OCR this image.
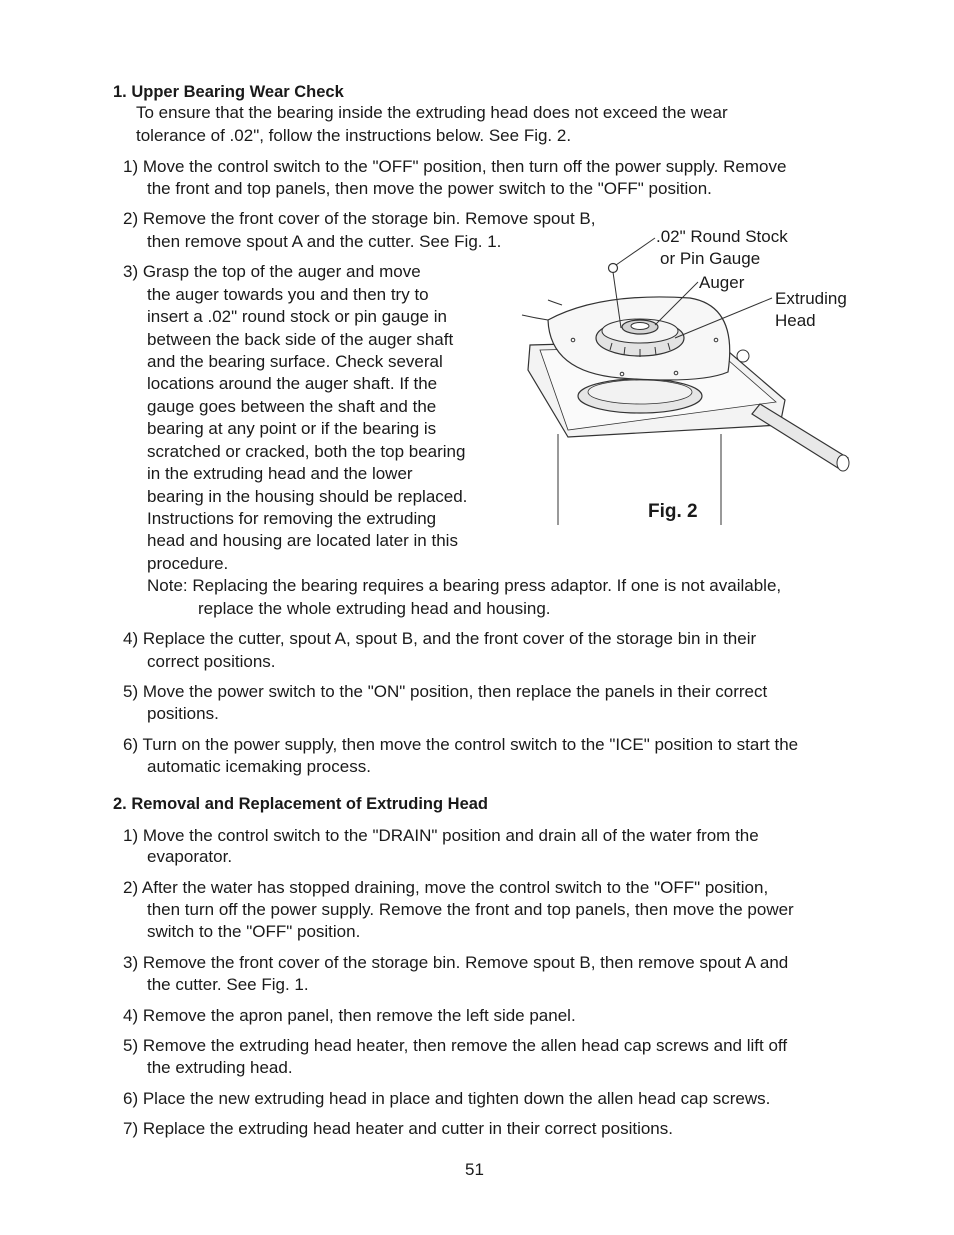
1. Upper Bearing Wear Check
To ensure that the bearing inside the extruding head does not exceed the wear
tolerance of .02", follow the instructions below. See Fig. 2.
1) Move the control switch to the "OFF" position, then turn off the power supply. Remove
the front and top panels, then move the power switch to the "OFF" position.
2) Remove the front cover of the storage bin. Remove spout B,
then remove spout A and the cutter. See Fig. 1.
3) Grasp the top of the auger and move
the auger towards you and then try to
insert a .02" round stock or pin gauge in
between the back side of the auger shaft
and the bearing surface. Check several
locations around the auger shaft. If the
gauge goes between the shaft and the
bearing at any point or if the bearing is
scratched or cracked, both the top bearing
in the extruding head and the lower
bearing in the housing should be replaced.
Instructions for removing the extruding
head and housing are located later in this
procedure.
Note: Replacing the bearing requires a bearing press adaptor. If one is not available,
replace the whole extruding head and housing.
4) Replace the cutter, spout A, spout B, and the front cover of the storage bin in their
correct positions.
5) Move the power switch to the "ON" position, then replace the panels in their correct
positions.
6) Turn on the power supply, then move the control switch to the "ICE" position to start the
automatic icemaking process.
.02" Round Stock
or Pin Gauge
Auger
Extruding
Head
Fig. 2
2. Removal and Replacement of Extruding Head
1) Move the control switch to the "DRAIN" position and drain all of the water from the
evaporator.
2) After the water has stopped draining, move the control switch to the "OFF" position,
then turn off the power supply. Remove the front and top panels, then move the power
switch to the "OFF" position.
3) Remove the front cover of the storage bin. Remove spout B, then remove spout A and
the cutter. See Fig. 1.
4) Remove the apron panel, then remove the left side panel.
5) Remove the extruding head heater, then remove the allen head cap screws and lift off
the extruding head.
6) Place the new extruding head in place and tighten down the allen head cap screws.
7) Replace the extruding head heater and cutter in their correct positions.
51
